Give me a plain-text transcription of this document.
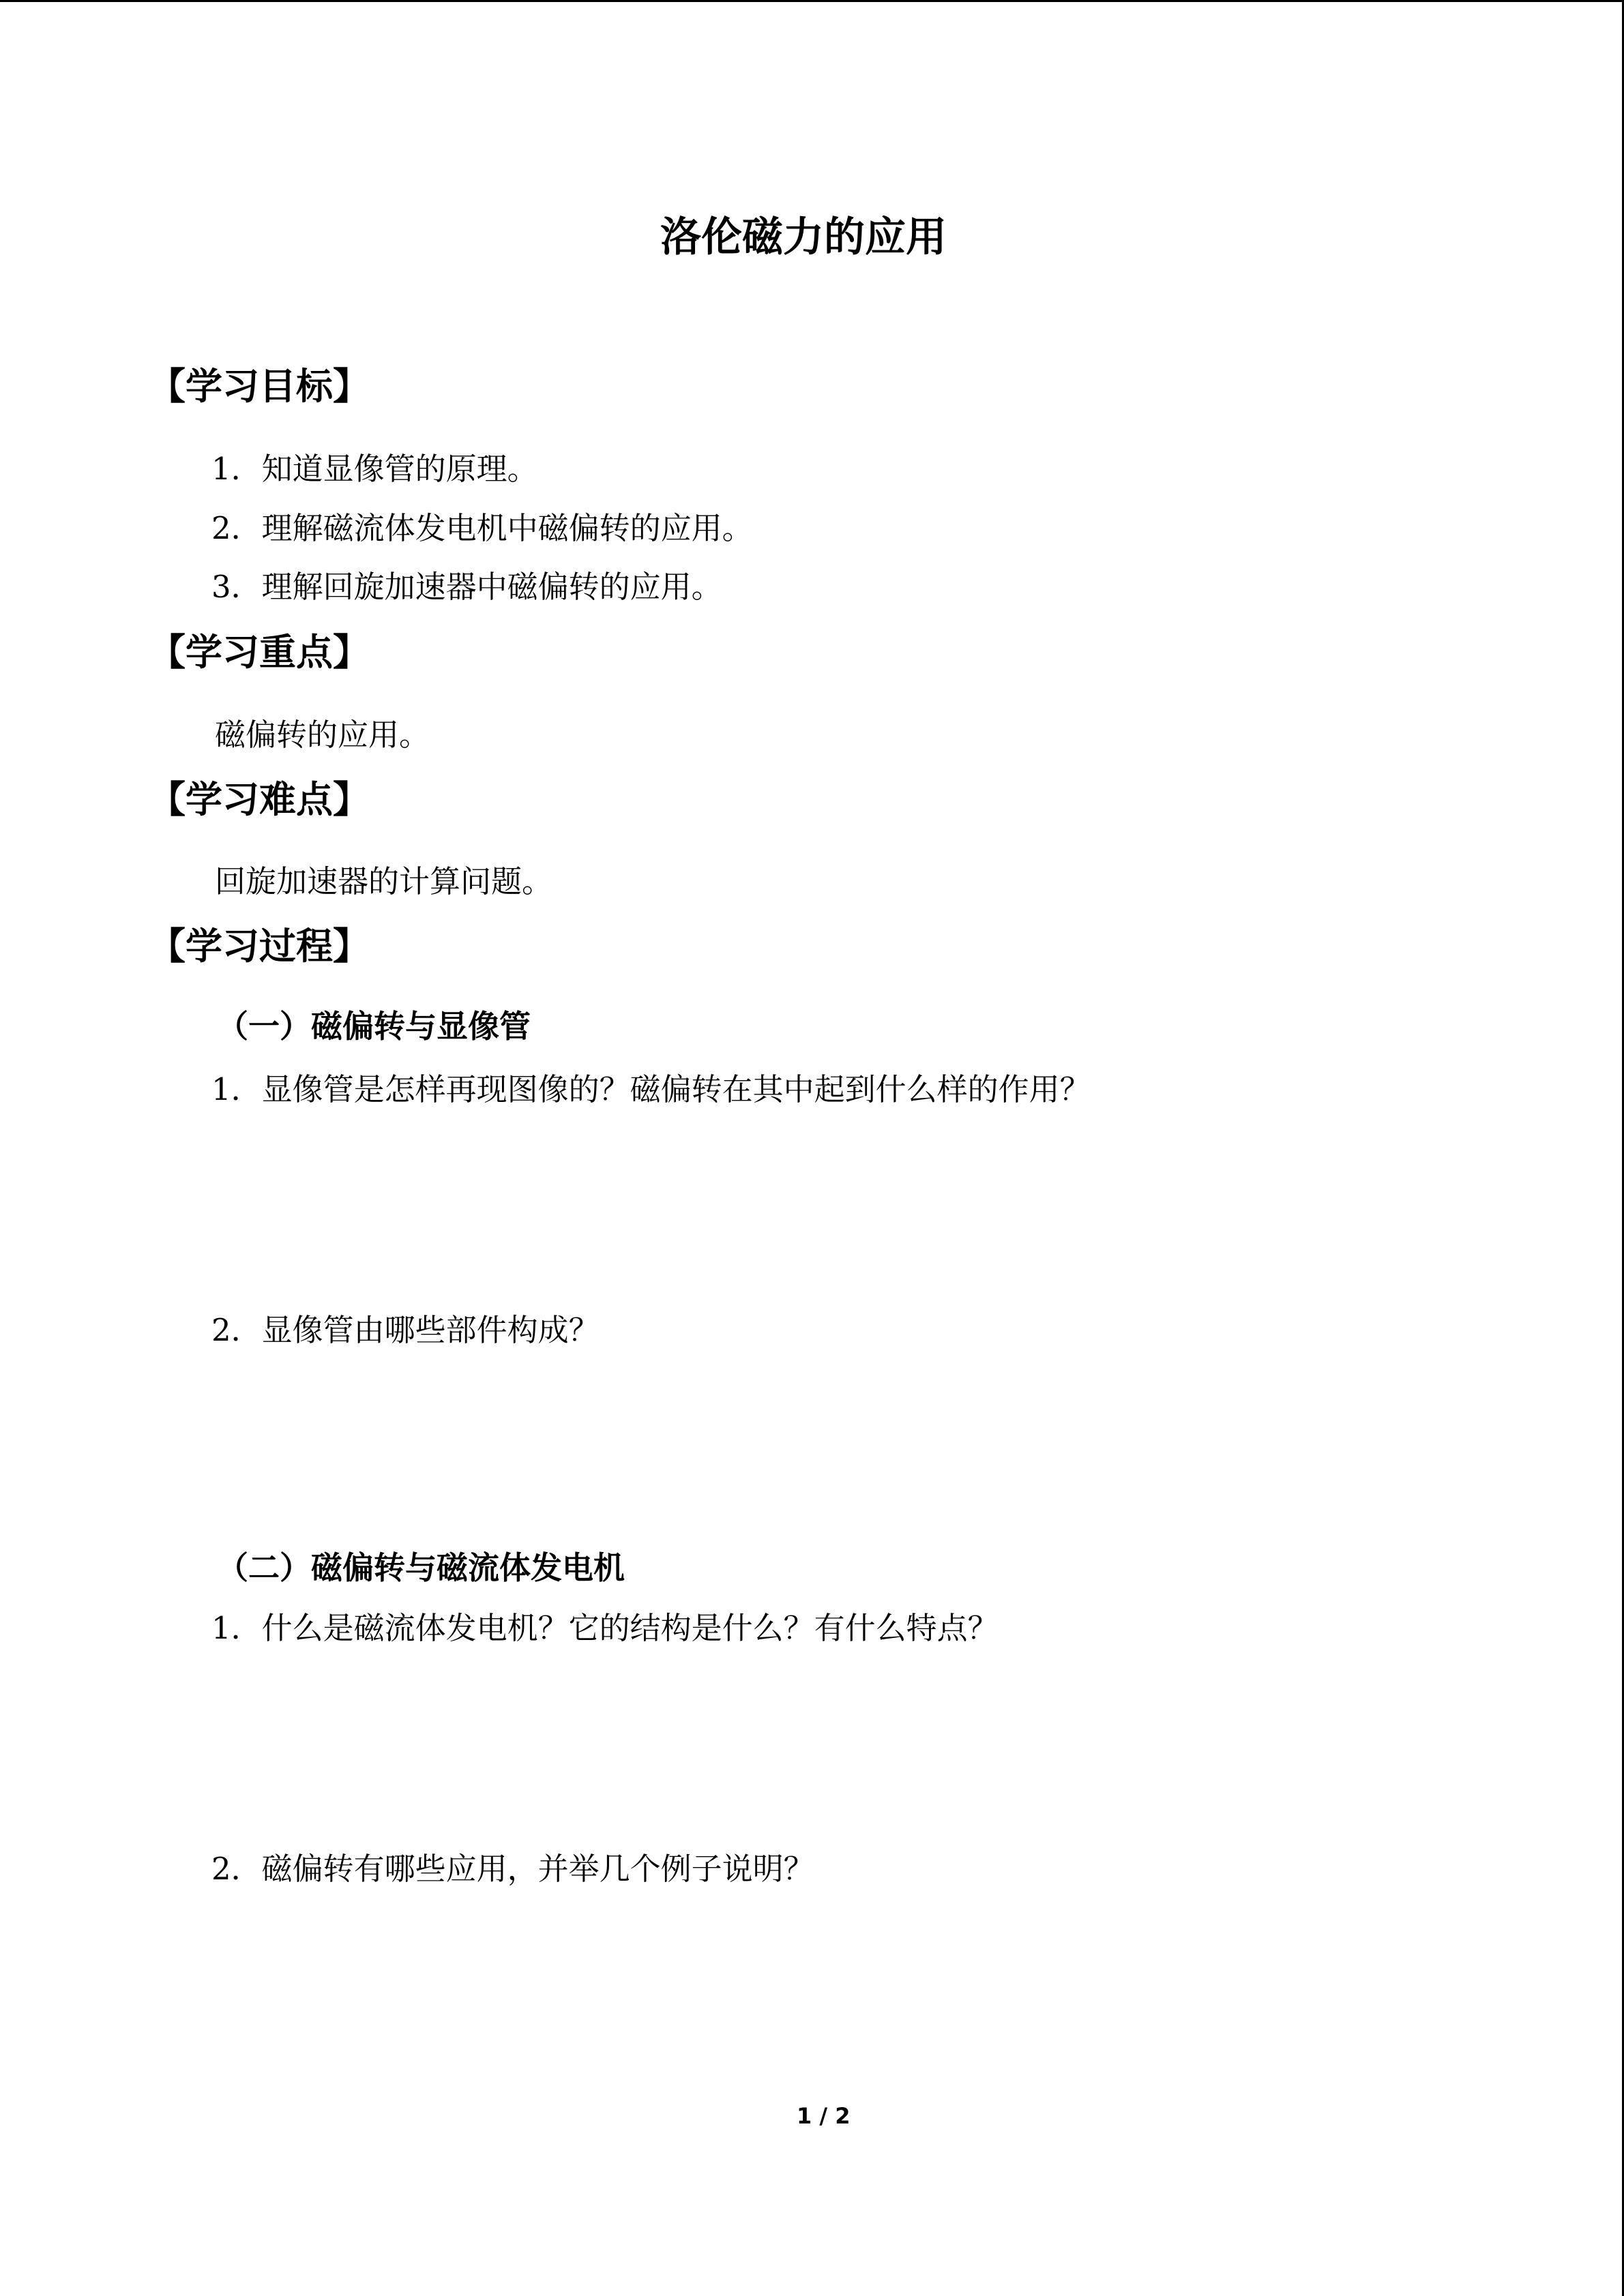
洛伦磁力的应用
【学习目标】
1．知道显像管的原理。
2．理解磁流体发电机中磁偏转的应用。
3．理解回旋加速器中磁偏转的应用。
【学习重点】
磁偏转的应用。
【学习难点】
回旋加速器的计算问题。
【学习过程】
（一）磁偏转与显像管
1．显像管是怎样再现图像的？磁偏转在其中起到什么样的作用？
2．显像管由哪些部件构成？
（二）磁偏转与磁流体发电机
1．什么是磁流体发电机？它的结构是什么？有什么特点？
2．磁偏转有哪些应用，并举几个例子说明？
1 / 2
